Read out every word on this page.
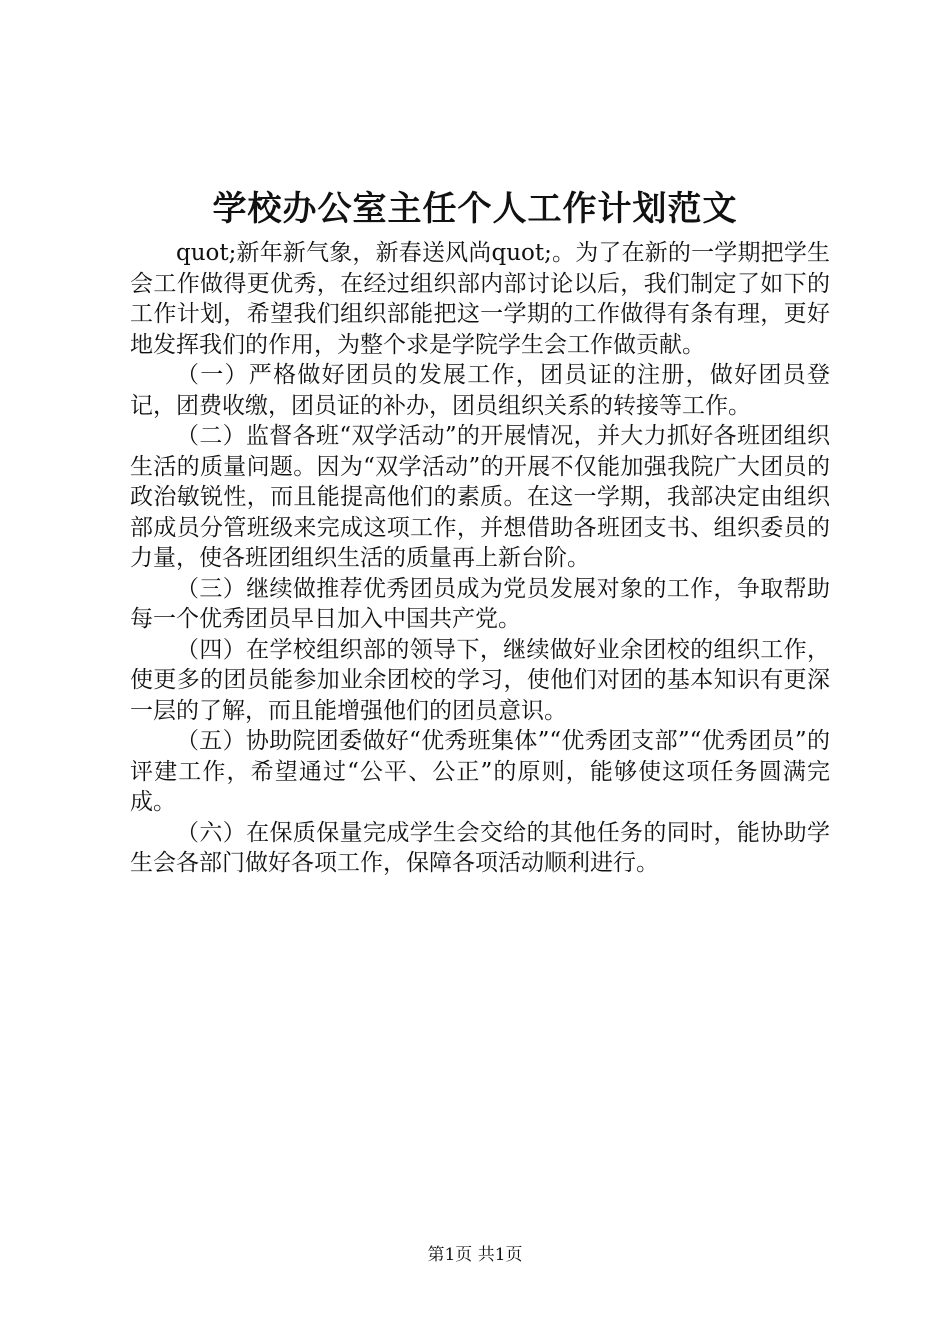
学校办公室主任个人工作计划范文

quot;新年新气象，新春送风尚quot;。为了在新的一学期把学生会工作做得更优秀，在经过组织部内部讨论以后，我们制定了如下的工作计划，希望我们组织部能把这一学期的工作做得有条有理，更好地发挥我们的作用，为整个求是学院学生会工作做贡献。

（一）严格做好团员的发展工作，团员证的注册，做好团员登记，团费收缴，团员证的补办，团员组织关系的转接等工作。

（二）监督各班“双学活动”的开展情况，并大力抓好各班团组织生活的质量问题。因为“双学活动”的开展不仅能加强我院广大团员的政治敏锐性，而且能提高他们的素质。在这一学期，我部决定由组织部成员分管班级来完成这项工作，并想借助各班团支书、组织委员的力量，使各班团组织生活的质量再上新台阶。

（三）继续做推荐优秀团员成为党员发展对象的工作，争取帮助每一个优秀团员早日加入中国共产党。

（四）在学校组织部的领导下，继续做好业余团校的组织工作，使更多的团员能参加业余团校的学习，使他们对团的基本知识有更深一层的了解，而且能增强他们的团员意识。

（五）协助院团委做好“优秀班集体”“优秀团支部”“优秀团员”的评建工作，希望通过“公平、公正”的原则，能够使这项任务圆满完成。

（六）在保质保量完成学生会交给的其他任务的同时，能协助学生会各部门做好各项工作，保障各项活动顺利进行。

第1页 共1页
